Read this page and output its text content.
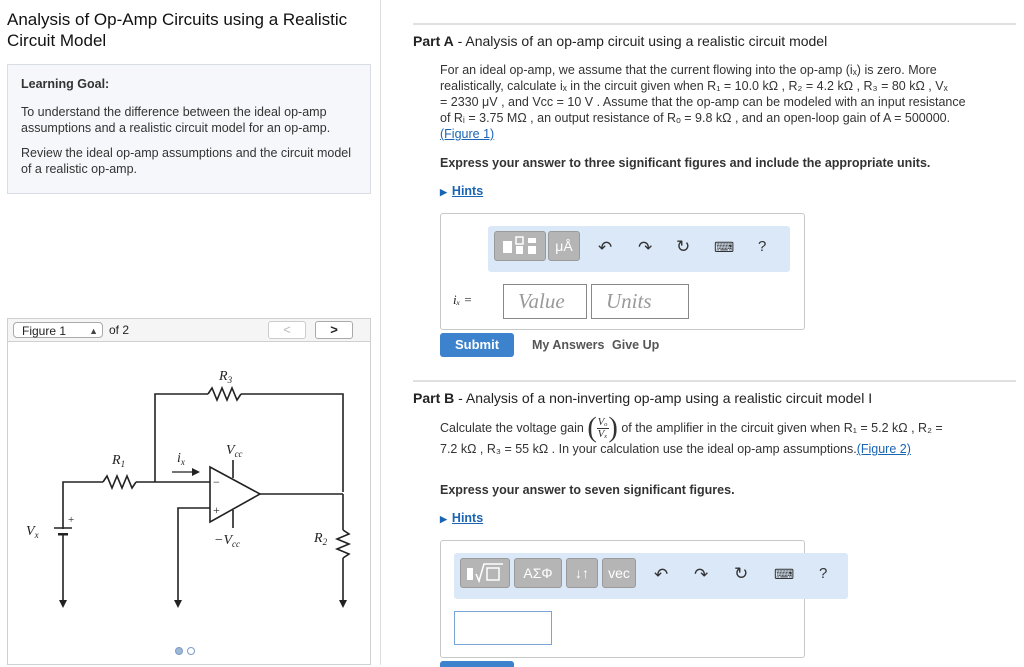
Analysis of Op-Amp Circuits using a Realistic Circuit Model
Learning Goal:

To understand the difference between the ideal op-amp assumptions and a realistic circuit model for an op-amp.

Review the ideal op-amp assumptions and the circuit model of a realistic op-amp.

Figure 1	▲ of 2	<	>
$R_3$
$R_1$
$R_2$
$i_x$
$V_{cc}$
$-V_{cc}$
$V_x$
−
+
+
Part A - Analysis of an op-amp circuit using a realistic circuit model
For an ideal op-amp, we assume that the current flowing into the op-amp (iₓ) is zero. More
realistically, calculate iₓ in the circuit given when R₁ = 10.0 kΩ , R₂ = 4.2 kΩ , R₃ = 80 kΩ , Vₓ
= 2330 μV , and Vᴄᴄ = 10 V . Assume that the op-amp can be modeled with an input resistance
of Rᵢ = 3.75 MΩ , an output resistance of Rₒ = 9.8 kΩ , and an open-loop gain of A = 500000.
(Figure 1)
Express your answer to three significant figures and include the appropriate units.
▶ Hints
μÅ	↶ ↷ ↻ ⌨ ?
iₓ =	Value	Units
Submit	My Answers Give Up
Part B - Analysis of a non-inverting op-amp using a realistic circuit model I
Calculate the voltage gain ( $\frac{\text{Vₒ}}{\text{Vₓ}}$) of the amplifier in the circuit given when R₁ = 5.2 kΩ , R₂ =
7.2 kΩ , R₃ = 55 kΩ . In your calculation use the ideal op-amp assumptions.(Figure 2)
Express your answer to seven significant figures.
▶ Hints
ΑΣΦ	↓↑	vec	↶ ↷ ↻ ⌨ ?
